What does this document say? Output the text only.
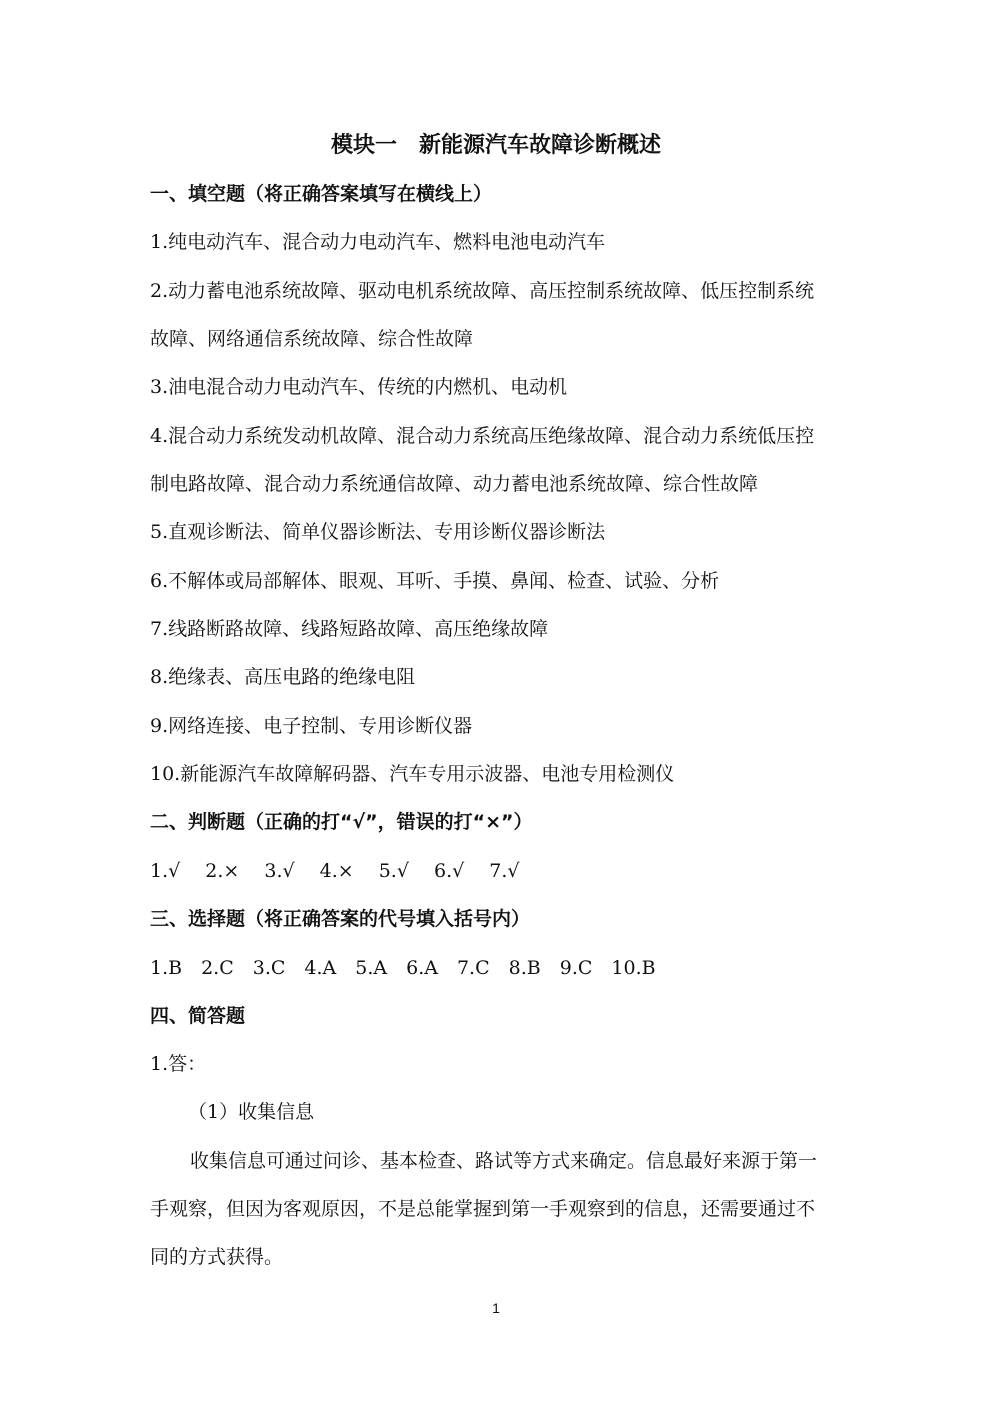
模块一　新能源汽车故障诊断概述
一、填空题（将正确答案填写在横线上）
1.纯电动汽车、混合动力电动汽车、燃料电池电动汽车
2.动力蓄电池系统故障、驱动电机系统故障、高压控制系统故障、低压控制系统
故障、网络通信系统故障、综合性故障
3.油电混合动力电动汽车、传统的内燃机、电动机
4.混合动力系统发动机故障、混合动力系统高压绝缘故障、混合动力系统低压控
制电路故障、混合动力系统通信故障、动力蓄电池系统故障、综合性故障
5.直观诊断法、简单仪器诊断法、专用诊断仪器诊断法
6.不解体或局部解体、眼观、耳听、手摸、鼻闻、检查、试验、分析
7.线路断路故障、线路短路故障、高压绝缘故障
8.绝缘表、高压电路的绝缘电阻
9.网络连接、电子控制、专用诊断仪器
10.新能源汽车故障解码器、汽车专用示波器、电池专用检测仪
二、判断题（正确的打“√”，错误的打“×”）
1.√　 2.×　 3.√　 4.×　 5.√　 6.√　 7.√
三、选择题（将正确答案的代号填入括号内）
1.B　2.C　3.C　4.A　5.A　6.A　7.C　8.B　9.C　10.B
四、简答题
1.答：
（1）收集信息
收集信息可通过问诊、基本检查、路试等方式来确定。信息最好来源于第一
手观察，但因为客观原因，不是总能掌握到第一手观察到的信息，还需要通过不
同的方式获得。
1
